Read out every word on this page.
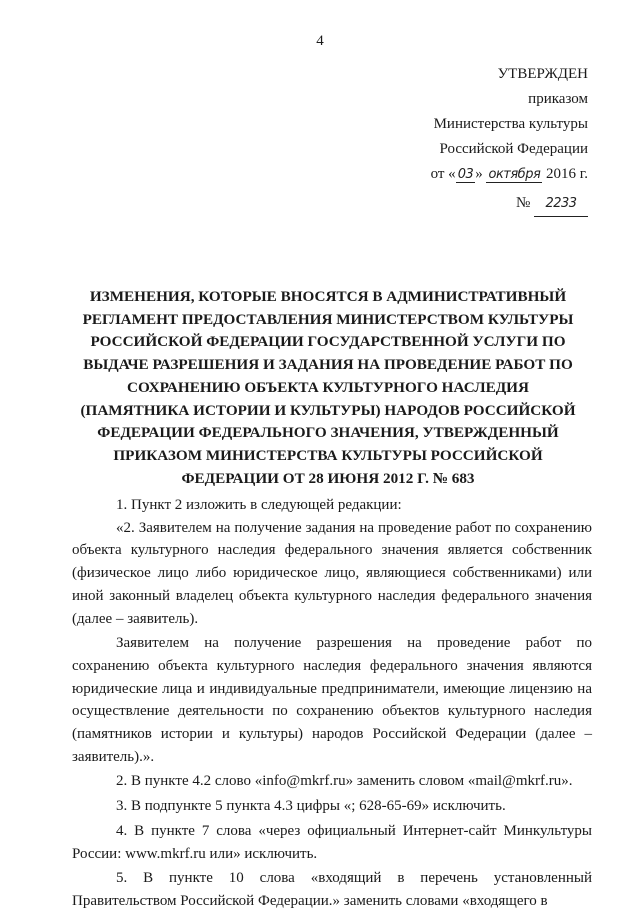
4
УТВЕРЖДЕН
приказом
Министерства культуры
Российской Федерации
от « 03 » октября 2016 г.
№ 2233
ИЗМЕНЕНИЯ, КОТОРЫЕ ВНОСЯТСЯ В АДМИНИСТРАТИВНЫЙ
РЕГЛАМЕНТ ПРЕДОСТАВЛЕНИЯ МИНИСТЕРСТВОМ КУЛЬТУРЫ
РОССИЙСКОЙ ФЕДЕРАЦИИ ГОСУДАРСТВЕННОЙ УСЛУГИ ПО
ВЫДАЧЕ РАЗРЕШЕНИЯ И ЗАДАНИЯ НА ПРОВЕДЕНИЕ РАБОТ ПО
СОХРАНЕНИЮ ОБЪЕКТА КУЛЬТУРНОГО НАСЛЕДИЯ
(ПАМЯТНИКА ИСТОРИИ И КУЛЬТУРЫ) НАРОДОВ РОССИЙСКОЙ
ФЕДЕРАЦИИ ФЕДЕРАЛЬНОГО ЗНАЧЕНИЯ, УТВЕРЖДЕННЫЙ
ПРИКАЗОМ МИНИСТЕРСТВА КУЛЬТУРЫ РОССИЙСКОЙ
ФЕДЕРАЦИИ ОТ 28 ИЮНЯ 2012 Г. № 683

1. Пункт 2 изложить в следующей редакции:

«2. Заявителем на получение задания на проведение работ по сохранению объекта культурного наследия федерального значения является собственник (физическое лицо либо юридическое лицо, являющиеся собственниками) или иной законный владелец объекта культурного наследия федерального значения (далее – заявитель).

Заявителем на получение разрешения на проведение работ по сохранению объекта культурного наследия федерального значения являются юридические лица и индивидуальные предприниматели, имеющие лицензию на осуществление деятельности по сохранению объектов культурного наследия (памятников истории и культуры) народов Российской Федерации (далее – заявитель).».

2. В пункте 4.2 слово «info@mkrf.ru» заменить словом «mail@mkrf.ru».

3. В подпункте 5 пункта 4.3 цифры «; 628-65-69» исключить.

4. В пункте 7 слова «через официальный Интернет-сайт Минкультуры России: www.mkrf.ru или» исключить.

5. В пункте 10 слова «входящий в перечень установленный Правительством Российской Федерации.» заменить словами «входящего в
